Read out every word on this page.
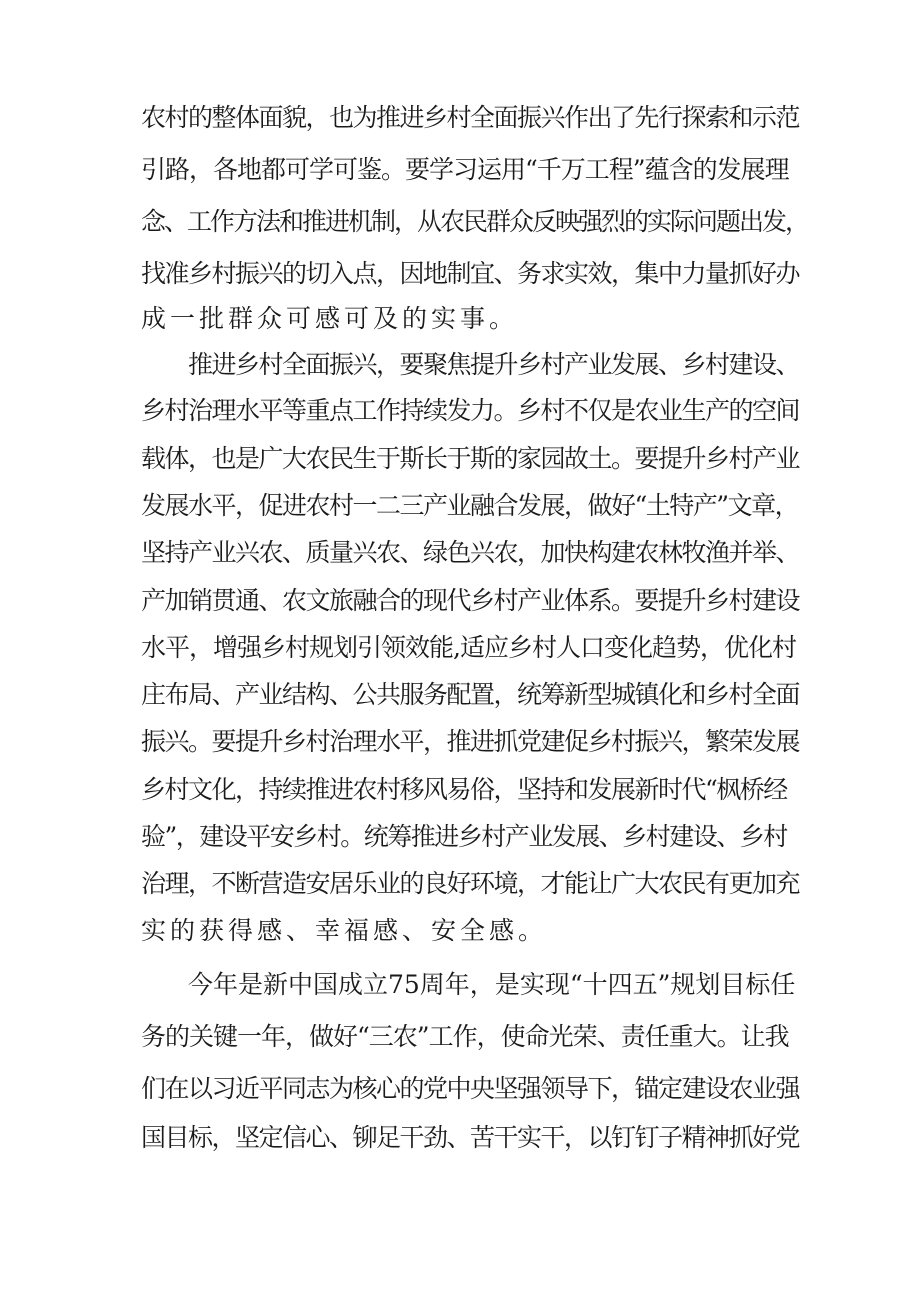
农村的整体面貌，也为推进乡村全面振兴作出了先行探索和示范

引路，各地都可学可鉴。要学习运用“千万工程”蕴含的发展理

念、工作方法和推进机制，从农民群众反映强烈的实际问题出发，

找准乡村振兴的切入点，因地制宜、务求实效，集中力量抓好办

成一批群众可感可及的实事。

推进乡村全面振兴，要聚焦提升乡村产业发展、乡村建设、

乡村治理水平等重点工作持续发力。乡村不仅是农业生产的空间

载体，也是广大农民生于斯长于斯的家园故土。要提升乡村产业

发展水平，促进农村一二三产业融合发展，做好“土特产”文章，

坚持产业兴农、质量兴农、绿色兴农，加快构建农林牧渔并举、

产加销贯通、农文旅融合的现代乡村产业体系。要提升乡村建设

水平，增强乡村规划引领效能,适应乡村人口变化趋势，优化村

庄布局、产业结构、公共服务配置，统筹新型城镇化和乡村全面

振兴。要提升乡村治理水平，推进抓党建促乡村振兴，繁荣发展

乡村文化，持续推进农村移风易俗，坚持和发展新时代“枫桥经

验”，建设平安乡村。统筹推进乡村产业发展、乡村建设、乡村

治理，不断营造安居乐业的良好环境，才能让广大农民有更加充

实的获得感、幸福感、安全感。

今年是新中国成立75周年，是实现“十四五”规划目标任

务的关键一年，做好“三农”工作，使命光荣、责任重大。让我

们在以习近平同志为核心的党中央坚强领导下，锚定建设农业强

国目标，坚定信心、铆足干劲、苦干实干，以钉钉子精神抓好党
